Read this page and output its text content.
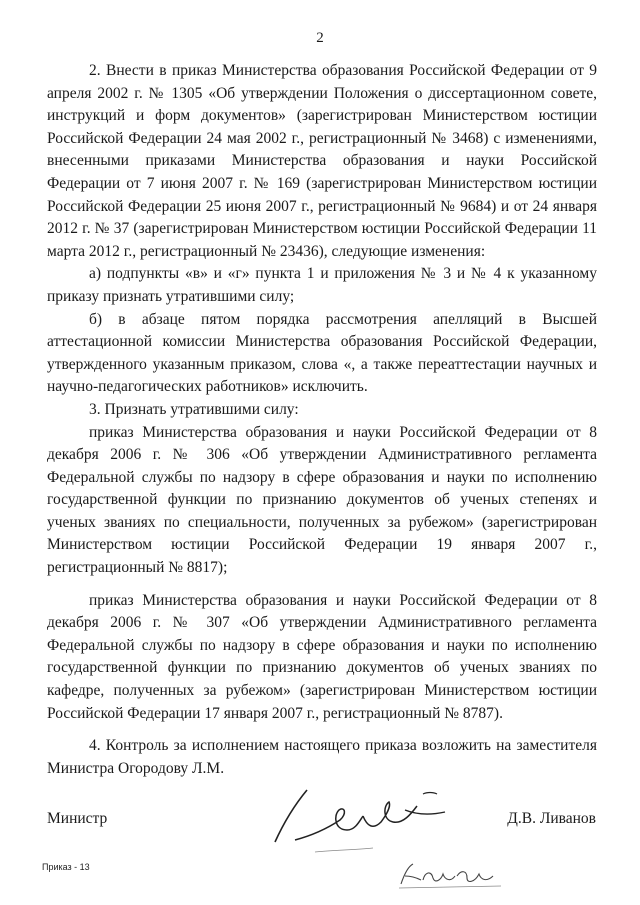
2

2. Внести в приказ Министерства образования Российской Федерации от 9 апреля 2002 г. № 1305 «Об утверждении Положения о диссертационном совете, инструкций и форм документов» (зарегистрирован Министерством юстиции Российской Федерации 24 мая 2002 г., регистрационный № 3468) с изменениями, внесенными приказами Министерства образования и науки Российской Федерации от 7 июня 2007 г. № 169 (зарегистрирован Министерством юстиции Российской Федерации 25 июня 2007 г., регистрационный № 9684) и от 24 января 2012 г. № 37 (зарегистрирован Министерством юстиции Российской Федерации 11 марта 2012 г., регистрационный № 23436), следующие изменения:

а) подпункты «в» и «г» пункта 1 и приложения № 3 и № 4 к указанному приказу признать утратившими силу;

б) в абзаце пятом порядка рассмотрения апелляций в Высшей аттестационной комиссии Министерства образования Российской Федерации, утвержденного указанным приказом, слова «, а также переаттестации научных и научно-педагогических работников» исключить.

3. Признать утратившими силу:

приказ Министерства образования и науки Российской Федерации от 8 декабря 2006 г. № 306 «Об утверждении Административного регламента Федеральной службы по надзору в сфере образования и науки по исполнению государственной функции по признанию документов об ученых степенях и ученых званиях по специальности, полученных за рубежом» (зарегистрирован Министерством юстиции Российской Федерации 19 января 2007 г., регистрационный № 8817);

приказ Министерства образования и науки Российской Федерации от 8 декабря 2006 г. № 307 «Об утверждении Административного регламента Федеральной службы по надзору в сфере образования и науки по исполнению государственной функции по признанию документов об ученых званиях по кафедре, полученных за рубежом» (зарегистрирован Министерством юстиции Российской Федерации 17 января 2007 г., регистрационный № 8787).

4. Контроль за исполнением настоящего приказа возложить на заместителя Министра Огородову Л.М.

Министр	Д.В. Ливанов
Приказ - 13
